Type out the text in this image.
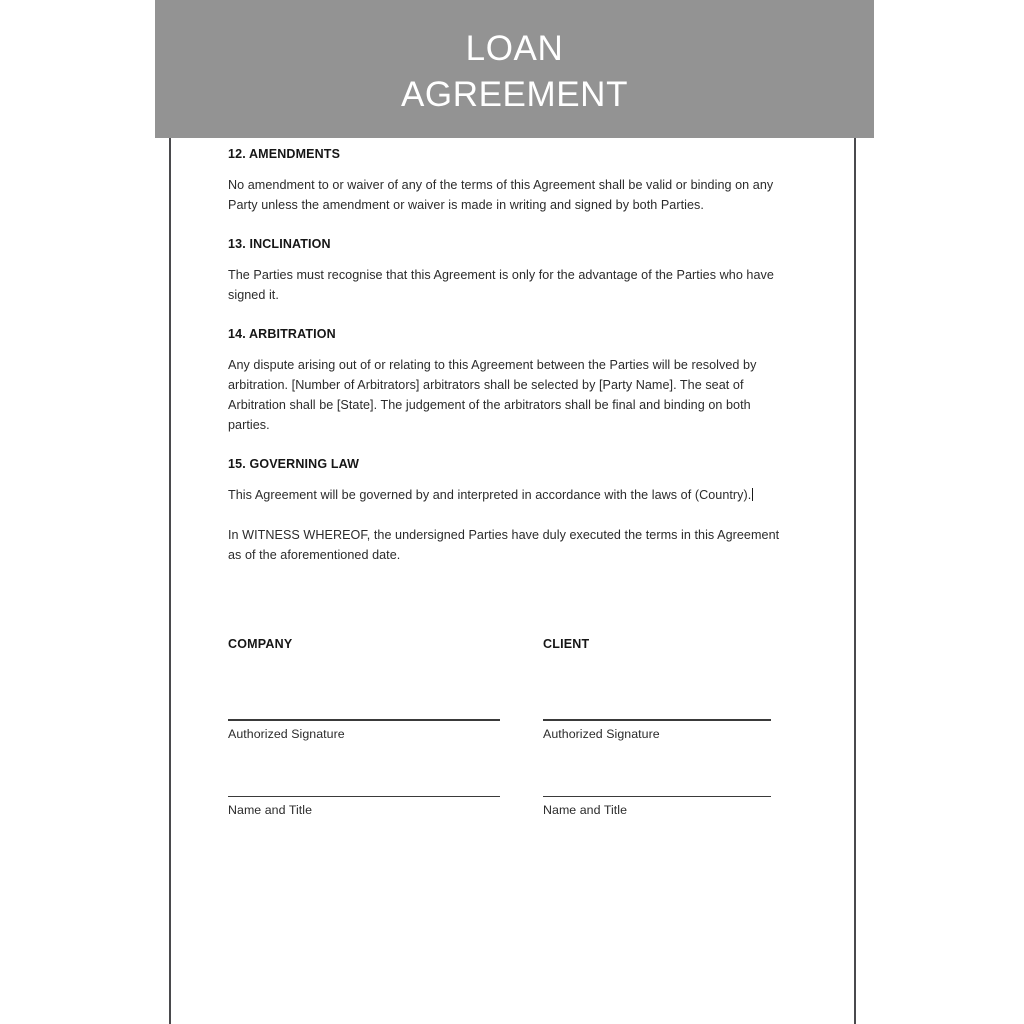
LOAN
AGREEMENT

12. AMENDMENTS

No amendment to or waiver of any of the terms of this Agreement shall be valid or binding on any Party unless the amendment or waiver is made in writing and signed by both Parties.

13. INCLINATION

The Parties must recognise that this Agreement is only for the advantage of the Parties who have signed it.

14. ARBITRATION

Any dispute arising out of or relating to this Agreement between the Parties will be resolved by arbitration. [Number of Arbitrators] arbitrators shall be selected by [Party Name]. The seat of Arbitration shall be [State]. The judgement of the arbitrators shall be final and binding on both parties.

15. GOVERNING LAW

This Agreement will be governed by and interpreted in accordance with the laws of (Country).

In WITNESS WHEREOF, the undersigned Parties have duly executed the terms in this Agreement as of the aforementioned date.

COMPANY

Authorized Signature

Name and Title

CLIENT

Authorized Signature

Name and Title
